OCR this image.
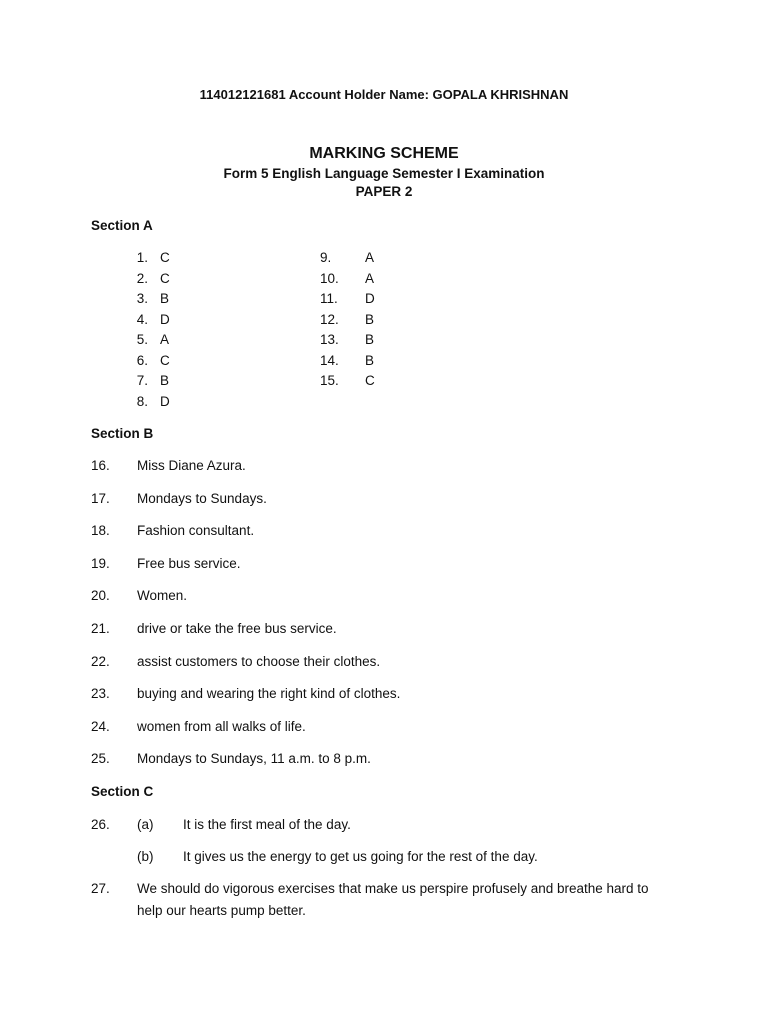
114012121681 Account Holder Name: GOPALA KHRISHNAN
MARKING SCHEME
Form 5 English Language Semester I Examination
PAPER 2
Section A
1. C
2. C
3. B
4. D
5. A
6. C
7. B
8. D
9. A
10. A
11. D
12. B
13. B
14. B
15. C
Section B
16. Miss Diane Azura.
17. Mondays to Sundays.
18. Fashion consultant.
19. Free bus service.
20. Women.
21. drive or take the free bus service.
22. assist customers to choose their clothes.
23. buying and wearing the right kind of clothes.
24. women from all walks of life.
25. Mondays to Sundays, 11 a.m. to 8 p.m.
Section C
26. (a) It is the first meal of the day.
(b) It gives us the energy to get us going for the rest of the day.
27. We should do vigorous exercises that make us perspire profusely and breathe hard to
help our hearts pump better.
